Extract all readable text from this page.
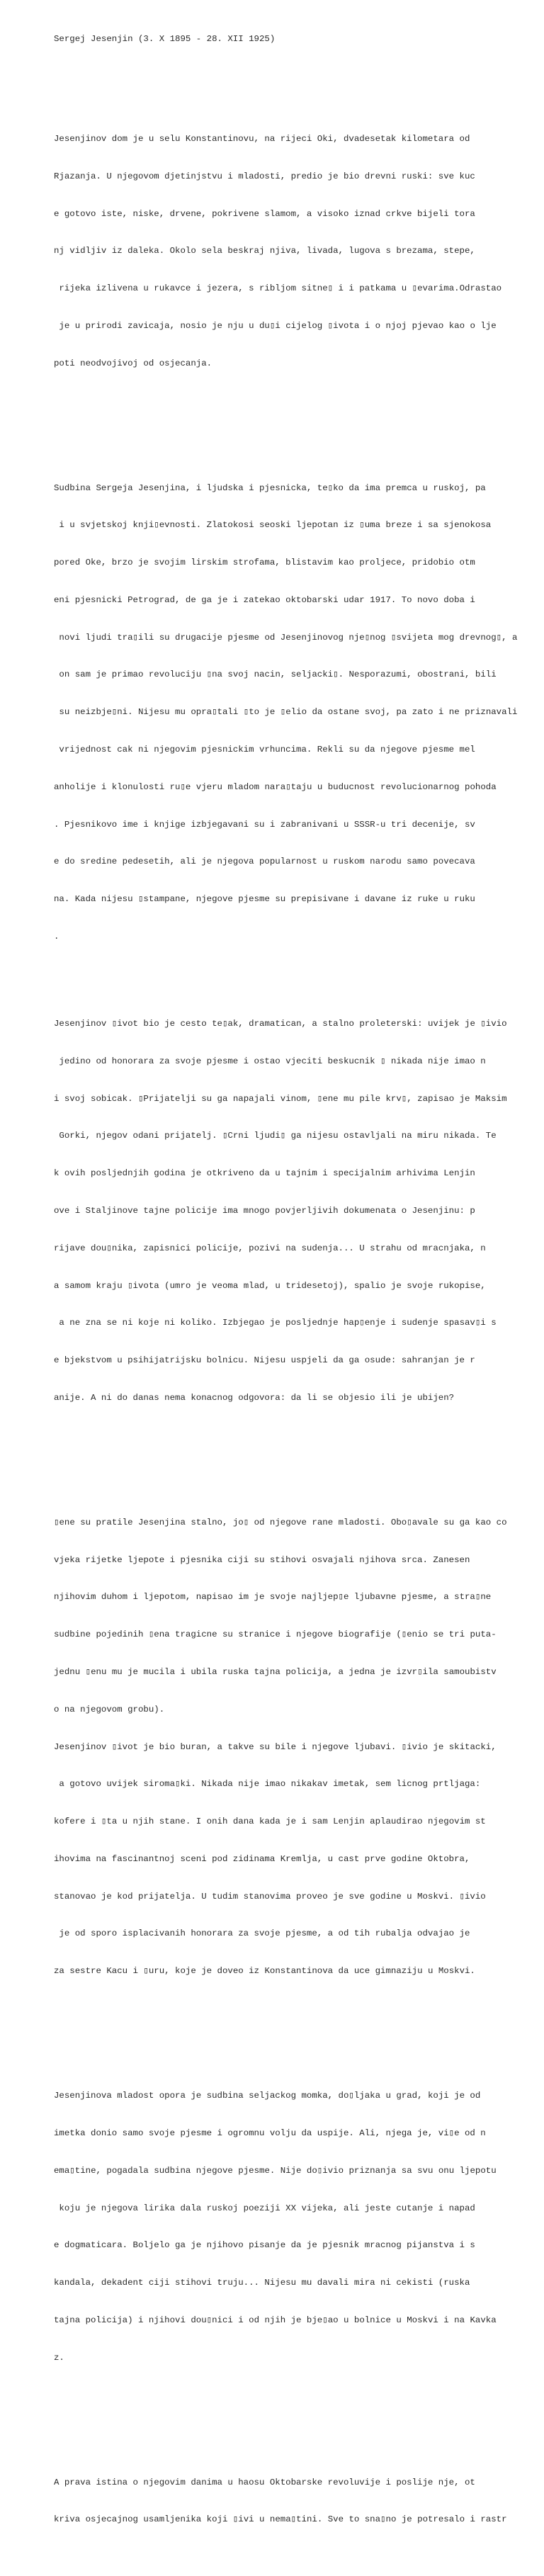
Sergej Jesenjin (3. X 1895 - 28. XII 1925)

Jesenjinov dom je u selu Konstantinovu, na rijeci Oki, dvadesetak kilometara od

Rjazanja. U njegovom djetinjstvu i mladosti, predio je bio drevni ruski: sve kuc

e gotovo iste, niske, drvene, pokrivene slamom, a visoko iznad crkve bijeli tora

nj vidljiv iz daleka. Okolo sela beskraj njiva, livada, lugova s brezama, stepe,

rijeka izlivena u rukavce i jezera, s ribljom sitne▯ i i patkama u ▯evarima.Odrastao

je u prirodi zavicaja, nosio je nju u du▯i cijelog ▯ivota i o njoj pjevao kao o lje

poti neodvojivoj od osjecanja.

Sudbina Sergeja Jesenjina, i ljudska i pjesnicka, te▯ko da ima premca u ruskoj, pa

i u svjetskoj knji▯evnosti. Zlatokosi seoski ljepotan iz ▯uma breze i sa sjenokosa

pored Oke, brzo je svojim lirskim strofama, blistavim kao proljece, pridobio otm

eni pjesnicki Petrograd, de ga je i zatekao oktobarski udar 1917. To novo doba i

novi ljudi tra▯ili su drugacije pjesme od Jesenjinovog nje▯nog ▯svijeta mog drevnog▯, a

on sam je primao revoluciju ▯na svoj nacin, seljacki▯. Nesporazumi, obostrani, bili

su neizbje▯ni. Nijesu mu opra▯tali ▯to je ▯elio da ostane svoj, pa zato i ne priznavali

vrijednost cak ni njegovim pjesnickim vrhuncima. Rekli su da njegove pjesme mel

anholije i klonulosti ru▯e vjeru mladom nara▯taju u buducnost revolucionarnog pohoda

. Pjesnikovo ime i knjige izbjegavani su i zabranivani u SSSR-u tri decenije, sv

e do sredine pedesetih, ali je njegova popularnost u ruskom narodu samo povecava

na. Kada nijesu ▯stampane, njegove pjesme su prepisivane i davane iz ruke u ruku

.

Jesenjinov ▯ivot bio je cesto te▯ak, dramatican, a stalno proleterski: uvijek je ▯ivio

jedino od honorara za svoje pjesme i ostao vjeciti beskucnik ▯ nikada nije imao n

i svoj sobicak. ▯Prijatelji su ga napajali vinom, ▯ene mu pile krv▯, zapisao je Maksim

Gorki, njegov odani prijatelj. ▯Crni ljudi▯ ga nijesu ostavljali na miru nikada. Te

k ovih posljednjih godina je otkriveno da u tajnim i specijalnim arhivima Lenjin

ove i Staljinove tajne policije ima mnogo povjerljivih dokumenata o Jesenjinu: p

rijave dou▯nika, zapisnici policije, pozivi na sudenja... U strahu od mracnjaka, n

a samom kraju ▯ivota (umro je veoma mlad, u tridesetoj), spalio je svoje rukopise,

a ne zna se ni koje ni koliko. Izbjegao je posljednje hap▯enje i sudenje spasav▯i s

e bjekstvom u psihijatrijsku bolnicu. Nijesu uspjeli da ga osude: sahranjan je r

anije. A ni do danas nema konacnog odgovora: da li se objesio ili je ubijen?

▯ene su pratile Jesenjina stalno, jo▯ od njegove rane mladosti. Obo▯avale su ga kao co

vjeka rijetke ljepote i pjesnika ciji su stihovi osvajali njihova srca. Zanesen

njihovim duhom i ljepotom, napisao im je svoje najljep▯e ljubavne pjesme, a stra▯ne

sudbine pojedinih ▯ena tragicne su stranice i njegove biografije (▯enio se tri puta-

jednu ▯enu mu je mucila i ubila ruska tajna policija, a jedna je izvr▯ila samoubistv

o na njegovom grobu).

Jesenjinov ▯ivot je bio buran, a takve su bile i njegove ljubavi. ▯ivio je skitacki,

a gotovo uvijek siroma▯ki. Nikada nije imao nikakav imetak, sem licnog prtljaga:

kofere i ▯ta u njih stane. I onih dana kada je i sam Lenjin aplaudirao njegovim st

ihovima na fascinantnoj sceni pod zidinama Kremlja, u cast prve godine Oktobra,

stanovao je kod prijatelja. U tudim stanovima proveo je sve godine u Moskvi. ▯ivio

je od sporo isplacivanih honorara za svoje pjesme, a od tih rubalja odvajao je

za sestre Kacu i ▯uru, koje je doveo iz Konstantinova da uce gimnaziju u Moskvi.

Jesenjinova mladost opora je sudbina seljackog momka, do▯ljaka u grad, koji je od

imetka donio samo svoje pjesme i ogromnu volju da uspije. Ali, njega je, vi▯e od n

ema▯tine, pogadala sudbina njegove pjesme. Nije do▯ivio priznanja sa svu onu ljepotu

koju je njegova lirika dala ruskoj poeziji XX vijeka, ali jeste cutanje i napad

e dogmaticara. Boljelo ga je njihovo pisanje da je pjesnik mracnog pijanstva i s

kandala, dekadent ciji stihovi truju... Nijesu mu davali mira ni cekisti (ruska

tajna policija) i njihovi dou▯nici i od njih je bje▯ao u bolnice u Moskvi i na Kavka

z.

A prava istina o njegovim danima u haosu Oktobarske revoluvije i poslije nje, ot

kriva osjecajnog usamljenika koji ▯ivi u nema▯tini. Sve to sna▯no je potresalo i rastr
